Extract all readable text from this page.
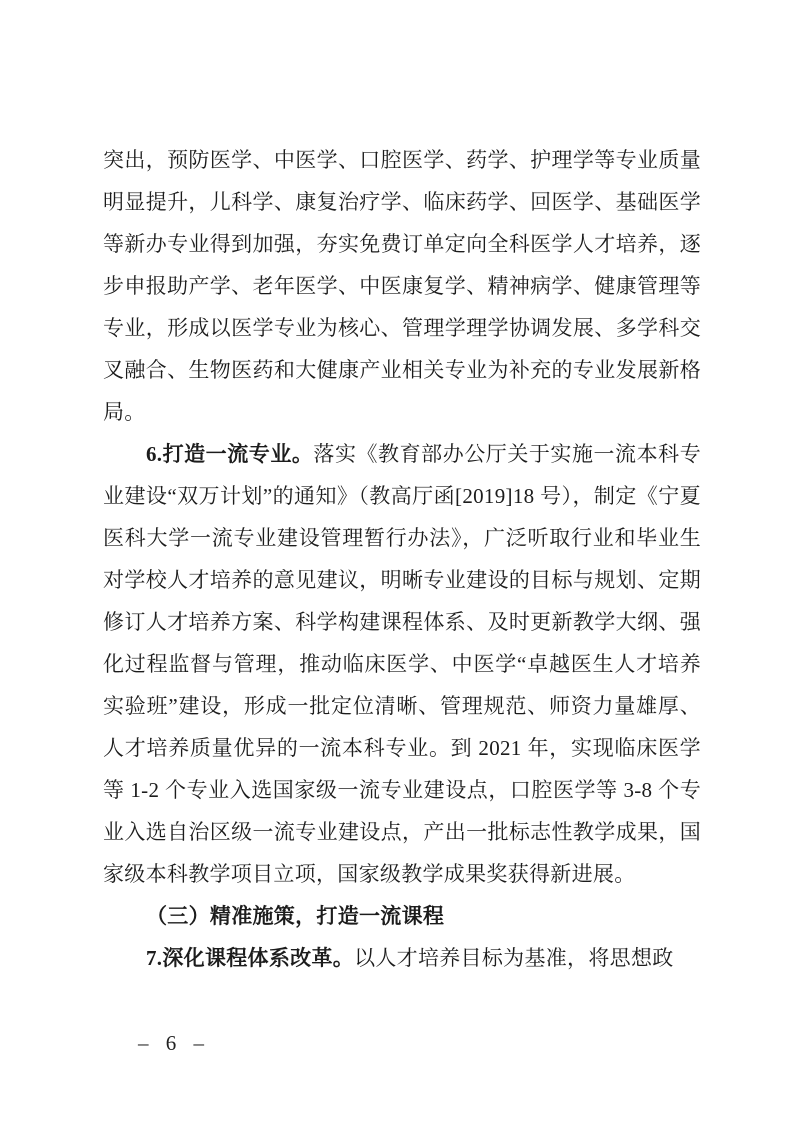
突出，预防医学、中医学、口腔医学、药学、护理学等专业质量明显提升，儿科学、康复治疗学、临床药学、回医学、基础医学等新办专业得到加强，夯实免费订单定向全科医学人才培养，逐步申报助产学、老年医学、中医康复学、精神病学、健康管理等专业，形成以医学专业为核心、管理学理学协调发展、多学科交叉融合、生物医药和大健康产业相关专业为补充的专业发展新格局。

6.打造一流专业。落实《教育部办公厅关于实施一流本科专业建设“双万计划”的通知》（教高厅函[2019]18 号），制定《宁夏医科大学一流专业建设管理暂行办法》，广泛听取行业和毕业生对学校人才培养的意见建议，明晰专业建设的目标与规划、定期修订人才培养方案、科学构建课程体系、及时更新教学大纲、强化过程监督与管理，推动临床医学、中医学“卓越医生人才培养实验班”建设，形成一批定位清晰、管理规范、师资力量雄厚、人才培养质量优异的一流本科专业。到 2021 年，实现临床医学等 1-2 个专业入选国家级一流专业建设点，口腔医学等 3-8 个专业入选自治区级一流专业建设点，产出一批标志性教学成果，国家级本科教学项目立项，国家级教学成果奖获得新进展。

（三）精准施策，打造一流课程

7.深化课程体系改革。以人才培养目标为基准，将思想政

– 6 –
